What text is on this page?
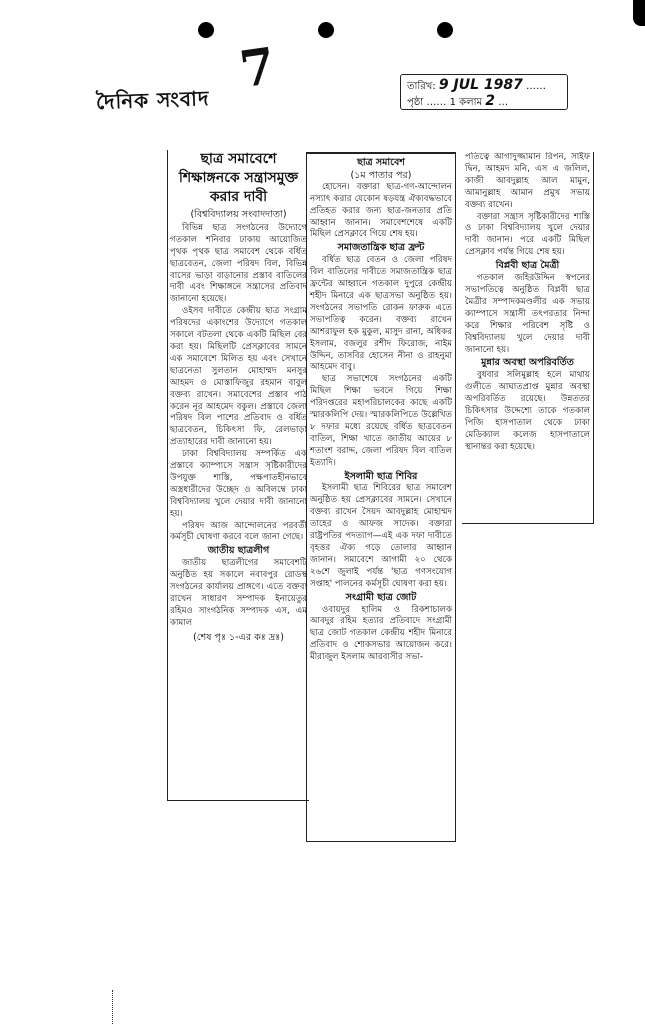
7
দৈনিক সংবাদ	তারিখ: 9 JUL 1987 ……
পৃষ্ঠা …… 1 কলাম 2 …
ছাত্র সমাবেশে শিক্ষাঙ্গনকে সন্ত্রাসমুক্ত করার দাবী
(বিশ্ববিদ্যালয় সংবাদদাতা)

বিভিন্ন ছাত্র সংগঠনের উদ্যোগে গতকাল শনিবার ঢাকায় আয়োজিত পৃথক পৃথক ছাত্র সমাবেশ থেকে বর্ধিত ছাত্রবেতন, জেলা পরিষদ বিল, বিভিন্ন বাসের ভাড়া বাড়ানোর প্রস্তাব বাতিলের দাবী এবং শিক্ষাঙ্গনে সন্ত্রাসের প্রতিবাদ জানানো হয়েছে।

ওইসব দাবীতে কেন্দ্রীয় ছাত্র সংগ্রাম পরিষদের একাংশের উদ্যোগে গতকাল সকালে বটতলা থেকে একটি মিছিল বের করা হয়। মিছিলটি প্রেসক্লাবের সামনে এক সমাবেশে মিলিত হয় এবং সেখানে ছাত্রনেতা সুলতান মোহাম্মদ মনসুর আহমদ ও মোস্তাফিজুর রহমান বাবুল বক্তব্য রাখেন। সমাবেশের প্রস্তাব পাঠ করেন নূর আহমেদ বকুল। প্রস্তাবে জেলা পরিষদ বিল পাশের প্রতিবাদ ও বর্ধিত ছাত্রবেতন, চিকিৎসা ফি, রেলভাড়া প্রত্যাহারের দাবী জানানো হয়।

ঢাকা বিশ্ববিদ্যালয় সম্পর্কিত এক প্রস্তাবে ক্যাম্পাসে সন্ত্রাস সৃষ্টিকারীদের উপযুক্ত শাস্তি, পক্ষপাতহীনভাবে অস্ত্রধারীদের উচ্ছেদ ও অবিলম্বে ঢাকা বিশ্ববিদ্যালয় খুলে দেয়ার দাবী জানানো হয়।

পরিষদ আজ আন্দোলনের পরবর্তী কর্মসূচী ঘোষণা করবে বলে জানা গেছে।

জাতীয় ছাত্রলীগ

জাতীয় ছাত্রলীগের সমাবেশটি অনুষ্ঠিত হয় সকালে নবাবপুর রোডস্থ সংগঠনের কার্যালয় প্রাঙ্গণে। এতে বক্তব্য রাখেন সাধারণ সম্পাদক ইনায়েতুর রহিমও সাংগঠনিক সম্পাদক এস, এম কামাল

(শেষ পৃঃ ১-এর কঃ দ্রঃ)
ছাত্র সমাবেশ
(১ম পাতার পর)

হোসেন। বক্তারা ছাত্র-গণ-আন্দোলন নস্যাৎ করার যেকোন ষড়যন্ত্র ঐক্যবদ্ধভাবে প্রতিহত করার জন্য ছাত্র-জনতার প্রতি আহ্বান জানান। সমাবেশশেষে একটি মিছিল প্রেসক্লাবে গিয়ে শেষ হয়।

সমাজতান্ত্রিক ছাত্র ফ্রন্ট

বর্ধিত ছাত্র বেতন ও জেলা পরিষদ বিল বাতিলের দাবীতে সমাজতান্ত্রিক ছাত্র ফ্রন্টের আহ্বানে গতকাল দুপুরে কেন্দ্রীয় শহীদ মিনারে এক ছাত্রসভা অনুষ্ঠিত হয়। সংগঠনের সভাপতি রোকন ফারুক এতে সভাপতিত্ব করেন। বক্তব্য রাখেন আশরাফুল হক মুকুল, মাসুদ রানা, অধিকর ইসলাম, বজলুর রশীদ ফিরোজ, নাইম উদ্দিন, তাসবির হোসেন নীনা ও রাহনুমা আহমেদ বাবু।

ছাত্র সভাশেষে সংগঠনের একটি মিছিল শিক্ষা ভবনে গিয়ে শিক্ষা পরিদপ্তরের মহাপরিচালকের কাছে একটি স্মারকলিপি দেয়। স্মারকলিপিতে উল্লেখিত ৮ দফার মধ্যে রয়েছে বর্ধিত ছাত্রবেতন বাতিল, শিক্ষা খাতে জাতীয় আয়ের ৮ শতাংশ বরাদ্দ, জেলা পরিষদ বিল বাতিল ইত্যাদি।

ইসলামী ছাত্র শিবির

ইসলামী ছাত্র শিবিরের ছাত্র সমাবেশ অনুষ্ঠিত হয় প্রেসক্লাবের সামনে। সেখানে বক্তব্য রাখেন সৈয়দ আবদুল্লাহ মোহাম্মদ তাহের ও আফজ সাদেক। বক্তারা রাষ্ট্রপতির পদত্যাগ—এই এক দফা দাবীতে বৃহত্তর ঐক্য গড়ে তোলার আহ্বান জানান। সমাবেশে আগামী ২০ থেকে ২৬শে জুলাই পর্যন্ত 'ছাত্র গণসংযোগ সপ্তাহ' পালনের কর্মসূচী ঘোষণা করা হয়।

সংগ্রামী ছাত্র জোট

ওবায়দুর হালিম ও রিকশাচালক আবদুর রহিম হত্যার প্রতিবাদে সংগ্রামী ছাত্র জোট গতকাল কেন্দ্রীয় শহীদ মিনারে প্রতিবাদ ও শোকসভার আয়োজন করে। মীরাজুল ইসলাম আরবাসীর সভা-

পতিত্বে আগাদুজ্জামান রিপন, সাইফ দ্বিন, আহমদ মনি, এস এ জলিল, কাজী আবদুল্লাহ আল মামুন, আমানুল্লাহ আমান প্রমুখ সভায় বক্তব্য রাখেন।

বক্তারা সন্ত্রাস সৃষ্টিকারীদের শাস্তি ও ঢাকা বিশ্ববিদ্যালয় খুলে দেয়ার দাবী জানান। পরে একটি মিছিল প্রেসক্লাব পর্যন্ত গিয়ে শেষ হয়।

বিপ্লবী ছাত্র মৈত্রী

গতকাল জহিরউদ্দিন স্বপনের সভাপতিত্বে অনুষ্ঠিত বিপ্লবী ছাত্র মৈত্রীর সম্পাদকমণ্ডলীর এক সভায় ক্যাম্পাসে সন্ত্রাসী তৎপরতার নিন্দা করে শিক্ষার পরিবেশ সৃষ্টি ও বিশ্ববিদ্যালয় খুলে দেয়ার দাবী জানানো হয়।

মুন্নার অবস্থা অপরিবর্তিত

বুধবার সলিমুল্লাহ হলে মাথায় গুলীতে আঘাতপ্রাপ্ত মুন্নার অবস্থা অপরিবর্তিত রয়েছে। উন্নততর চিকিৎসার উদ্দেশ্যে তাকে গতকাল পিজি হাসপাতাল থেকে ঢাকা মেডিক্যাল কলেজ হাসপাতালে স্থানান্তর করা হয়েছে।
